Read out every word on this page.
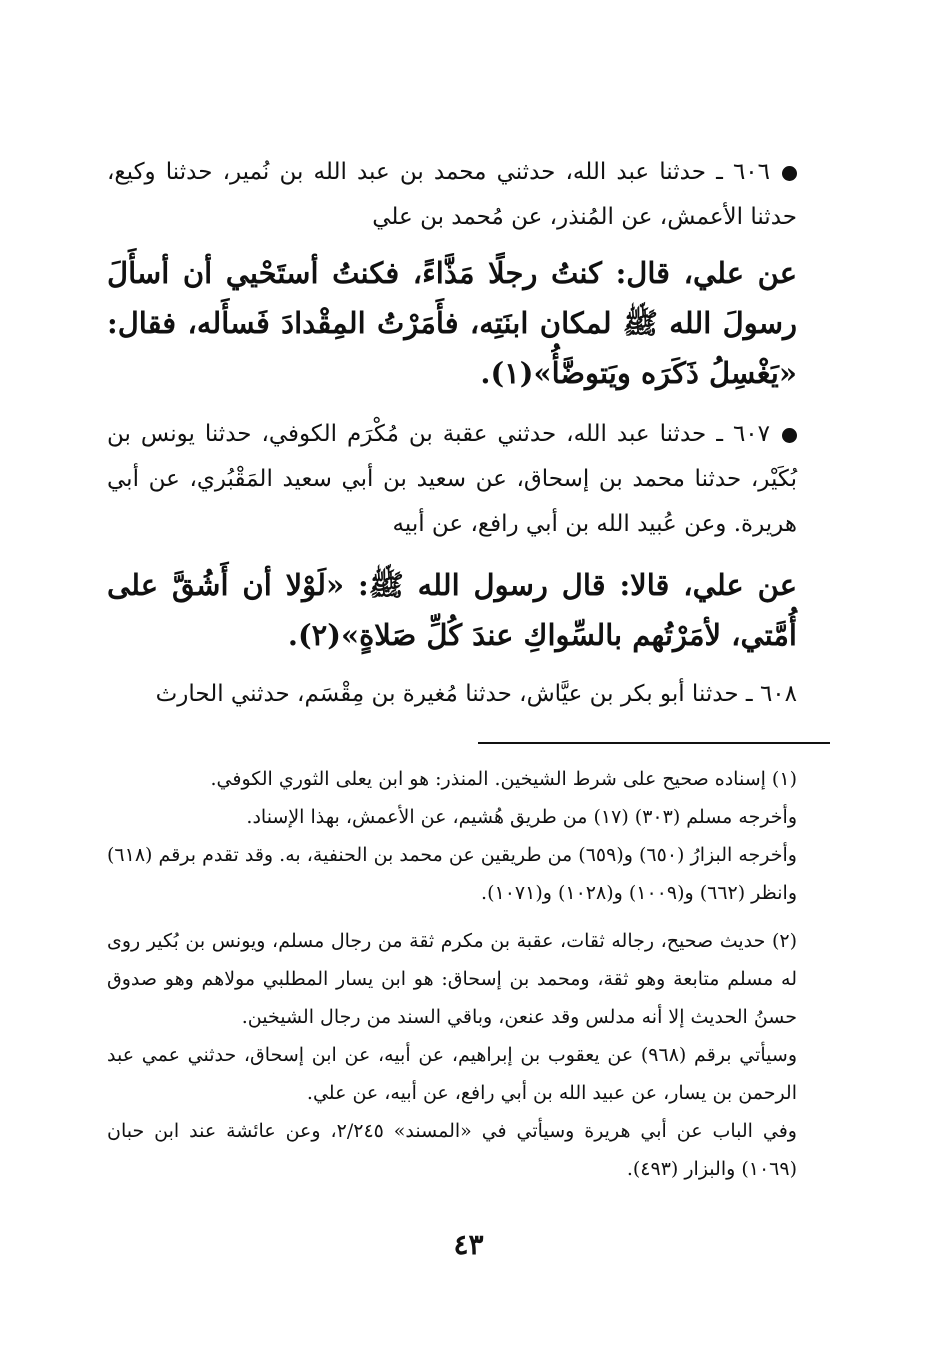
٦٠٦ ـ حدثنا عبد الله، حدثني محمد بن عبد الله بن نُمير، حدثنا وكيع، حدثنا الأعمش، عن المُنذر، عن مُحمد بن علي

عن علي، قال: كنتُ رجلًا مَذَّاءً، فكنتُ أستَحْيي أن أسأَلَ رسولَ الله ﷺ لمكان ابنَتِه، فأَمَرْتُ المِقْدادَ فَسأَله، فقال: «يَغْسِلُ ذَكَرَه ويَتوضَّأُ»(١).

٦٠٧ ـ حدثنا عبد الله، حدثني عقبة بن مُكْرَم الكوفي، حدثنا يونس بن بُكَيْر، حدثنا محمد بن إسحاق، عن سعيد بن أبي سعيد المَقْبُري، عن أبي هريرة. وعن عُبيد الله بن أبي رافع، عن أبيه

عن علي، قالا: قال رسول الله ﷺ: «لَوْلا أن أَشُقَّ على أُمَّتي، لأمَرْتُهم بالسِّواكِ عندَ كُلِّ صَلاةٍ»(٢).

٦٠٨ ـ حدثنا أبو بكر بن عيَّاش، حدثنا مُغيرة بن مِقْسَم، حدثني الحارث

(١) إسناده صحيح على شرط الشيخين. المنذر: هو ابن يعلى الثوري الكوفي.

وأخرجه مسلم (٣٠٣) (١٧) من طريق هُشيم، عن الأعمش، بهذا الإسناد.

وأخرجه البزارُ (٦٥٠) و(٦٥٩) من طريقين عن محمد بن الحنفية، به. وقد تقدم برقم (٦١٨) وانظر (٦٦٢) و(١٠٠٩) و(١٠٢٨) و(١٠٧١).

(٢) حديث صحيح، رجاله ثقات، عقبة بن مكرم ثقة من رجال مسلم، ويونس بن بُكير روى له مسلم متابعة وهو ثقة، ومحمد بن إسحاق: هو ابن يسار المطلبي مولاهم وهو صدوق حسنُ الحديث إلا أنه مدلس وقد عنعن، وباقي السند من رجال الشيخين.

وسيأتي برقم (٩٦٨) عن يعقوب بن إبراهيم، عن أبيه، عن ابن إسحاق، حدثني عمي عبد الرحمن بن يسار، عن عبيد الله بن أبي رافع، عن أبيه، عن علي.

وفي الباب عن أبي هريرة وسيأتي في «المسند» ٢/٢٤٥، وعن عائشة عند ابن حبان (١٠٦٩) والبزار (٤٩٣).

٤٣
